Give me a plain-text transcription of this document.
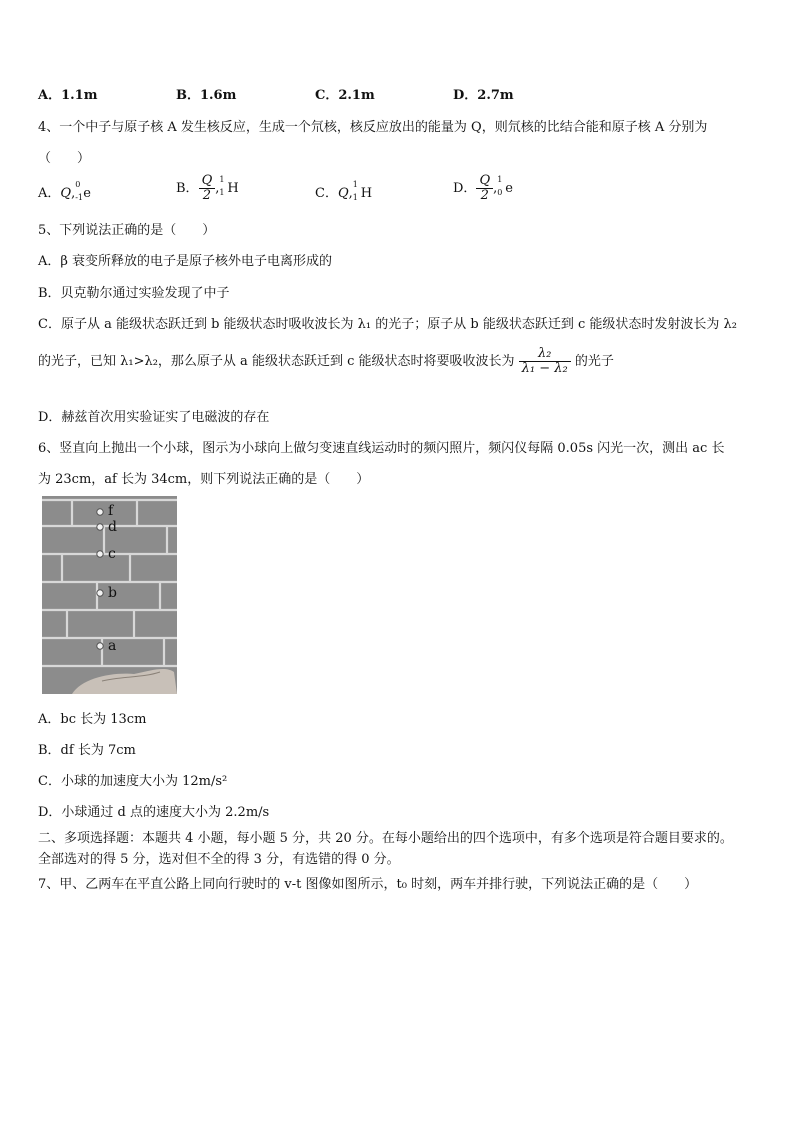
A．1.1m	B．1.6m	C．2.1m	D．2.7m
4、一个中子与原子核 A 发生核反应，生成一个氘核，核反应放出的能量为 Q，则氘核的比结合能和原子核 A 分别为
（　　）
A．Q,
0
-1 e	B． $\frac{Q}{2}$ ,
1
1 H	C．Q,
1
1 H	D． $\frac{Q}{2}$ ,
1
0 e
5、下列说法正确的是（　　）
A．β 衰变所释放的电子是原子核外电子电离形成的
B．贝克勒尔通过实验发现了中子
C．原子从 a 能级状态跃迁到 b 能级状态时吸收波长为 λ₁ 的光子；原子从 b 能级状态跃迁到 c 能级状态时发射波长为 λ₂
的光子，已知 λ₁>λ₂，那么原子从 a 能级状态跃迁到 c 能级状态时将要吸收波长为 $\frac{\text{λ₂}}{\text{λ₁ − λ₂}}$ 的光子
D．赫兹首次用实验证实了电磁波的存在
6、竖直向上抛出一个小球，图示为小球向上做匀变速直线运动时的频闪照片，频闪仪每隔 0.05s 闪光一次，测出 ac 长
为 23cm，af 长为 34cm，则下列说法正确的是（　　）
f
d
c
b
a
A．bc 长为 13cm
B．df 长为 7cm
C．小球的加速度大小为 12m/s²
D．小球通过 d 点的速度大小为 2.2m/s
二、多项选择题：本题共 4 小题，每小题 5 分，共 20 分。在每小题给出的四个选项中，有多个选项是符合题目要求的。
全部选对的得 5 分，选对但不全的得 3 分，有选错的得 0 分。
7、甲、乙两车在平直公路上同向行驶时的 v-t 图像如图所示，t₀ 时刻，两车并排行驶，下列说法正确的是（　　）
